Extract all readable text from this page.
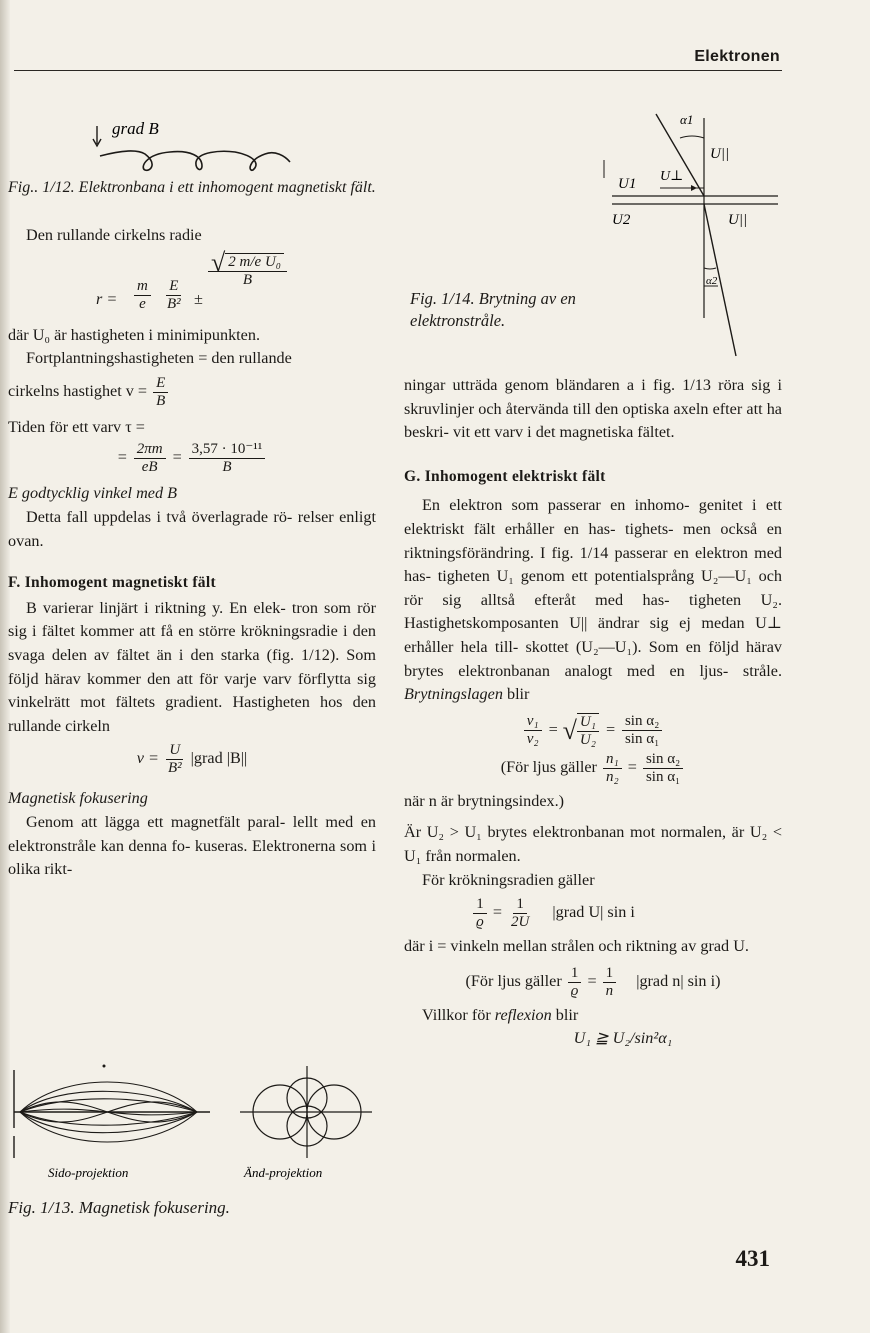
Elektronen
grad B

Fig.. 1/12. Elektronbana i ett inhomogent magnetiskt fält.

Den rullande cirkelns radie

$r = \frac{m}{e} \frac{E}{\text{B²}}$ ±
$\frac{\text{√ 2 m/e U₀}}{B}$

där U₀ är hastigheten i minimipunkten.

Fortplantningshastigheten = den rullande

cirkelns hastighet $v = \frac{E}{B}$

Tiden för ett varv τ =

= $\frac{2\pi m}{eB} = \frac{\text{3,57 · 10⁻¹¹}}{B}$

E godtycklig vinkel med B

Detta fall uppdelas i två överlagrade rö- relser enligt ovan.

F. Inhomogent magnetiskt fält

B varierar linjärt i riktning y. En elek- tron som rör sig i fältet kommer att få en större krökningsradie i den svaga delen av fältet än i den starka (fig. 1/12). Som följd härav kommer den att för varje varv förflytta sig vinkelrätt mot fältets gradient. Hastigheten hos den rullande cirkeln

$v = \frac{U}{\text{B²}}$ |grad |B||

Magnetisk fokusering

Genom att lägga ett magnetfält paral- lellt med en elektronstråle kan denna fo- kuseras. Elektronerna som i olika rikt-

Sido-projektion	Änd-projektion

Fig. 1/13. Magnetisk fokusering.

α1
U||
U1 U⊥
U2	U||
α2

Fig. 1/14. Brytning av en elektronstråle.

ningar utträda genom bländaren a i fig. 1/13 röra sig i skruvlinjer och återvända till den optiska axeln efter att ha beskri- vit ett varv i det magnetiska fältet.

G. Inhomogent elektriskt fält

En elektron som passerar en inhomo- genitet i ett elektriskt fält erhåller en has- tighets- men också en riktningsförändring. I fig. 1/14 passerar en elektron med has- tigheten U₁ genom ett potentialsprång U₂—U₁ och rör sig alltså efteråt med has- tigheten U₂. Hastighetskomposanten U|| ändrar sig ej medan U⊥ erhåller hela till- skottet (U₂—U₁). Som en följd härav brytes elektronbanan analogt med en ljus- stråle. Brytningslagen blir

$\frac{\text{v₁}}{\text{v₂}}$ = √ $\frac{\text{U₁}}{\text{U₂}} = \frac{\text{sin α₂}}{\text{sin α₁}}$
(För ljus gäller $\frac{\text{n₁}}{\text{n₂}} = \frac{\text{sin α₂}}{\text{sin α₁}}$

när n är brytningsindex.)

Är U₂ > U₁ brytes elektronbanan mot normalen, är U₂ < U₁ från normalen.

För krökningsradien gäller

$\frac{1}{ϱ} = \frac{1}{2U}$ |grad U| sin i

där i = vinkeln mellan strålen och riktning av grad U.

(För ljus gäller $\frac{1}{ϱ} = \frac{1}{n}$ |grad n| sin i)

Villkor för reflexion blir

U₁ ≧ U₂/sin²α₁
431
